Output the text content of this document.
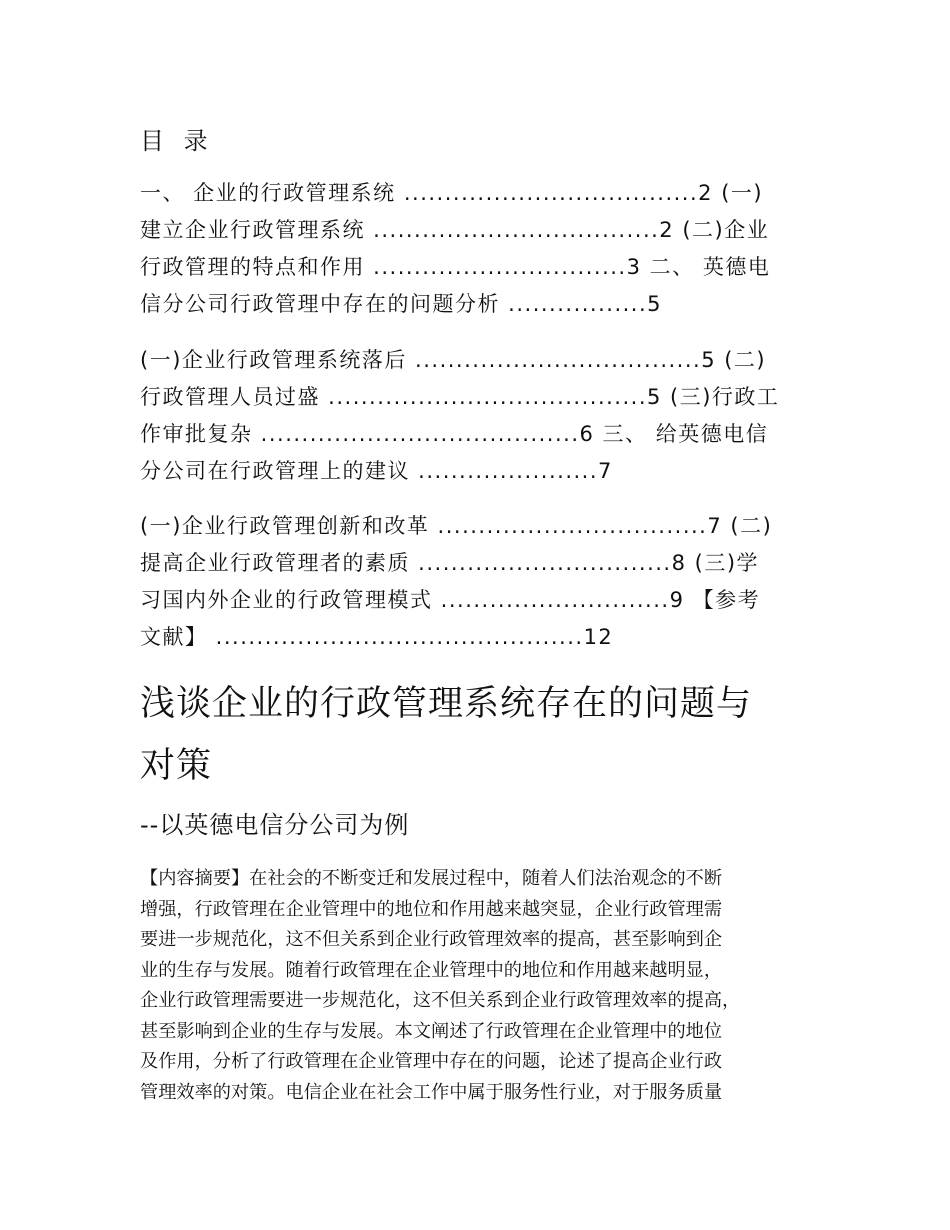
目 录
一、 企业的行政管理系统 ....................................2 (一)
建立企业行政管理系统 ...................................2 (二)企业
行政管理的特点和作用 ...............................3 二、 英德电
信分公司行政管理中存在的问题分析 .................5
(一)企业行政管理系统落后 ...................................5 (二)
行政管理人员过盛 .......................................5 (三)行政工
作审批复杂 .......................................6 三、 给英德电信
分公司在行政管理上的建议 ......................7
(一)企业行政管理创新和改革 .................................7 (二)
提高企业行政管理者的素质 ...............................8 (三)学
习国内外企业的行政管理模式 ............................9 【参考
文献】 .............................................12
浅谈企业的行政管理系统存在的问题与
对策
--以英德电信分公司为例
【内容摘要】在社会的不断变迁和发展过程中，随着人们法治观念的不断
增强，行政管理在企业管理中的地位和作用越来越突显，企业行政管理需
要进一步规范化，这不但关系到企业行政管理效率的提高，甚至影响到企
业的生存与发展。随着行政管理在企业管理中的地位和作用越来越明显，
企业行政管理需要进一步规范化，这不但关系到企业行政管理效率的提高，
甚至影响到企业的生存与发展。本文阐述了行政管理在企业管理中的地位
及作用，分析了行政管理在企业管理中存在的问题，论述了提高企业行政
管理效率的对策。电信企业在社会工作中属于服务性行业，对于服务质量
